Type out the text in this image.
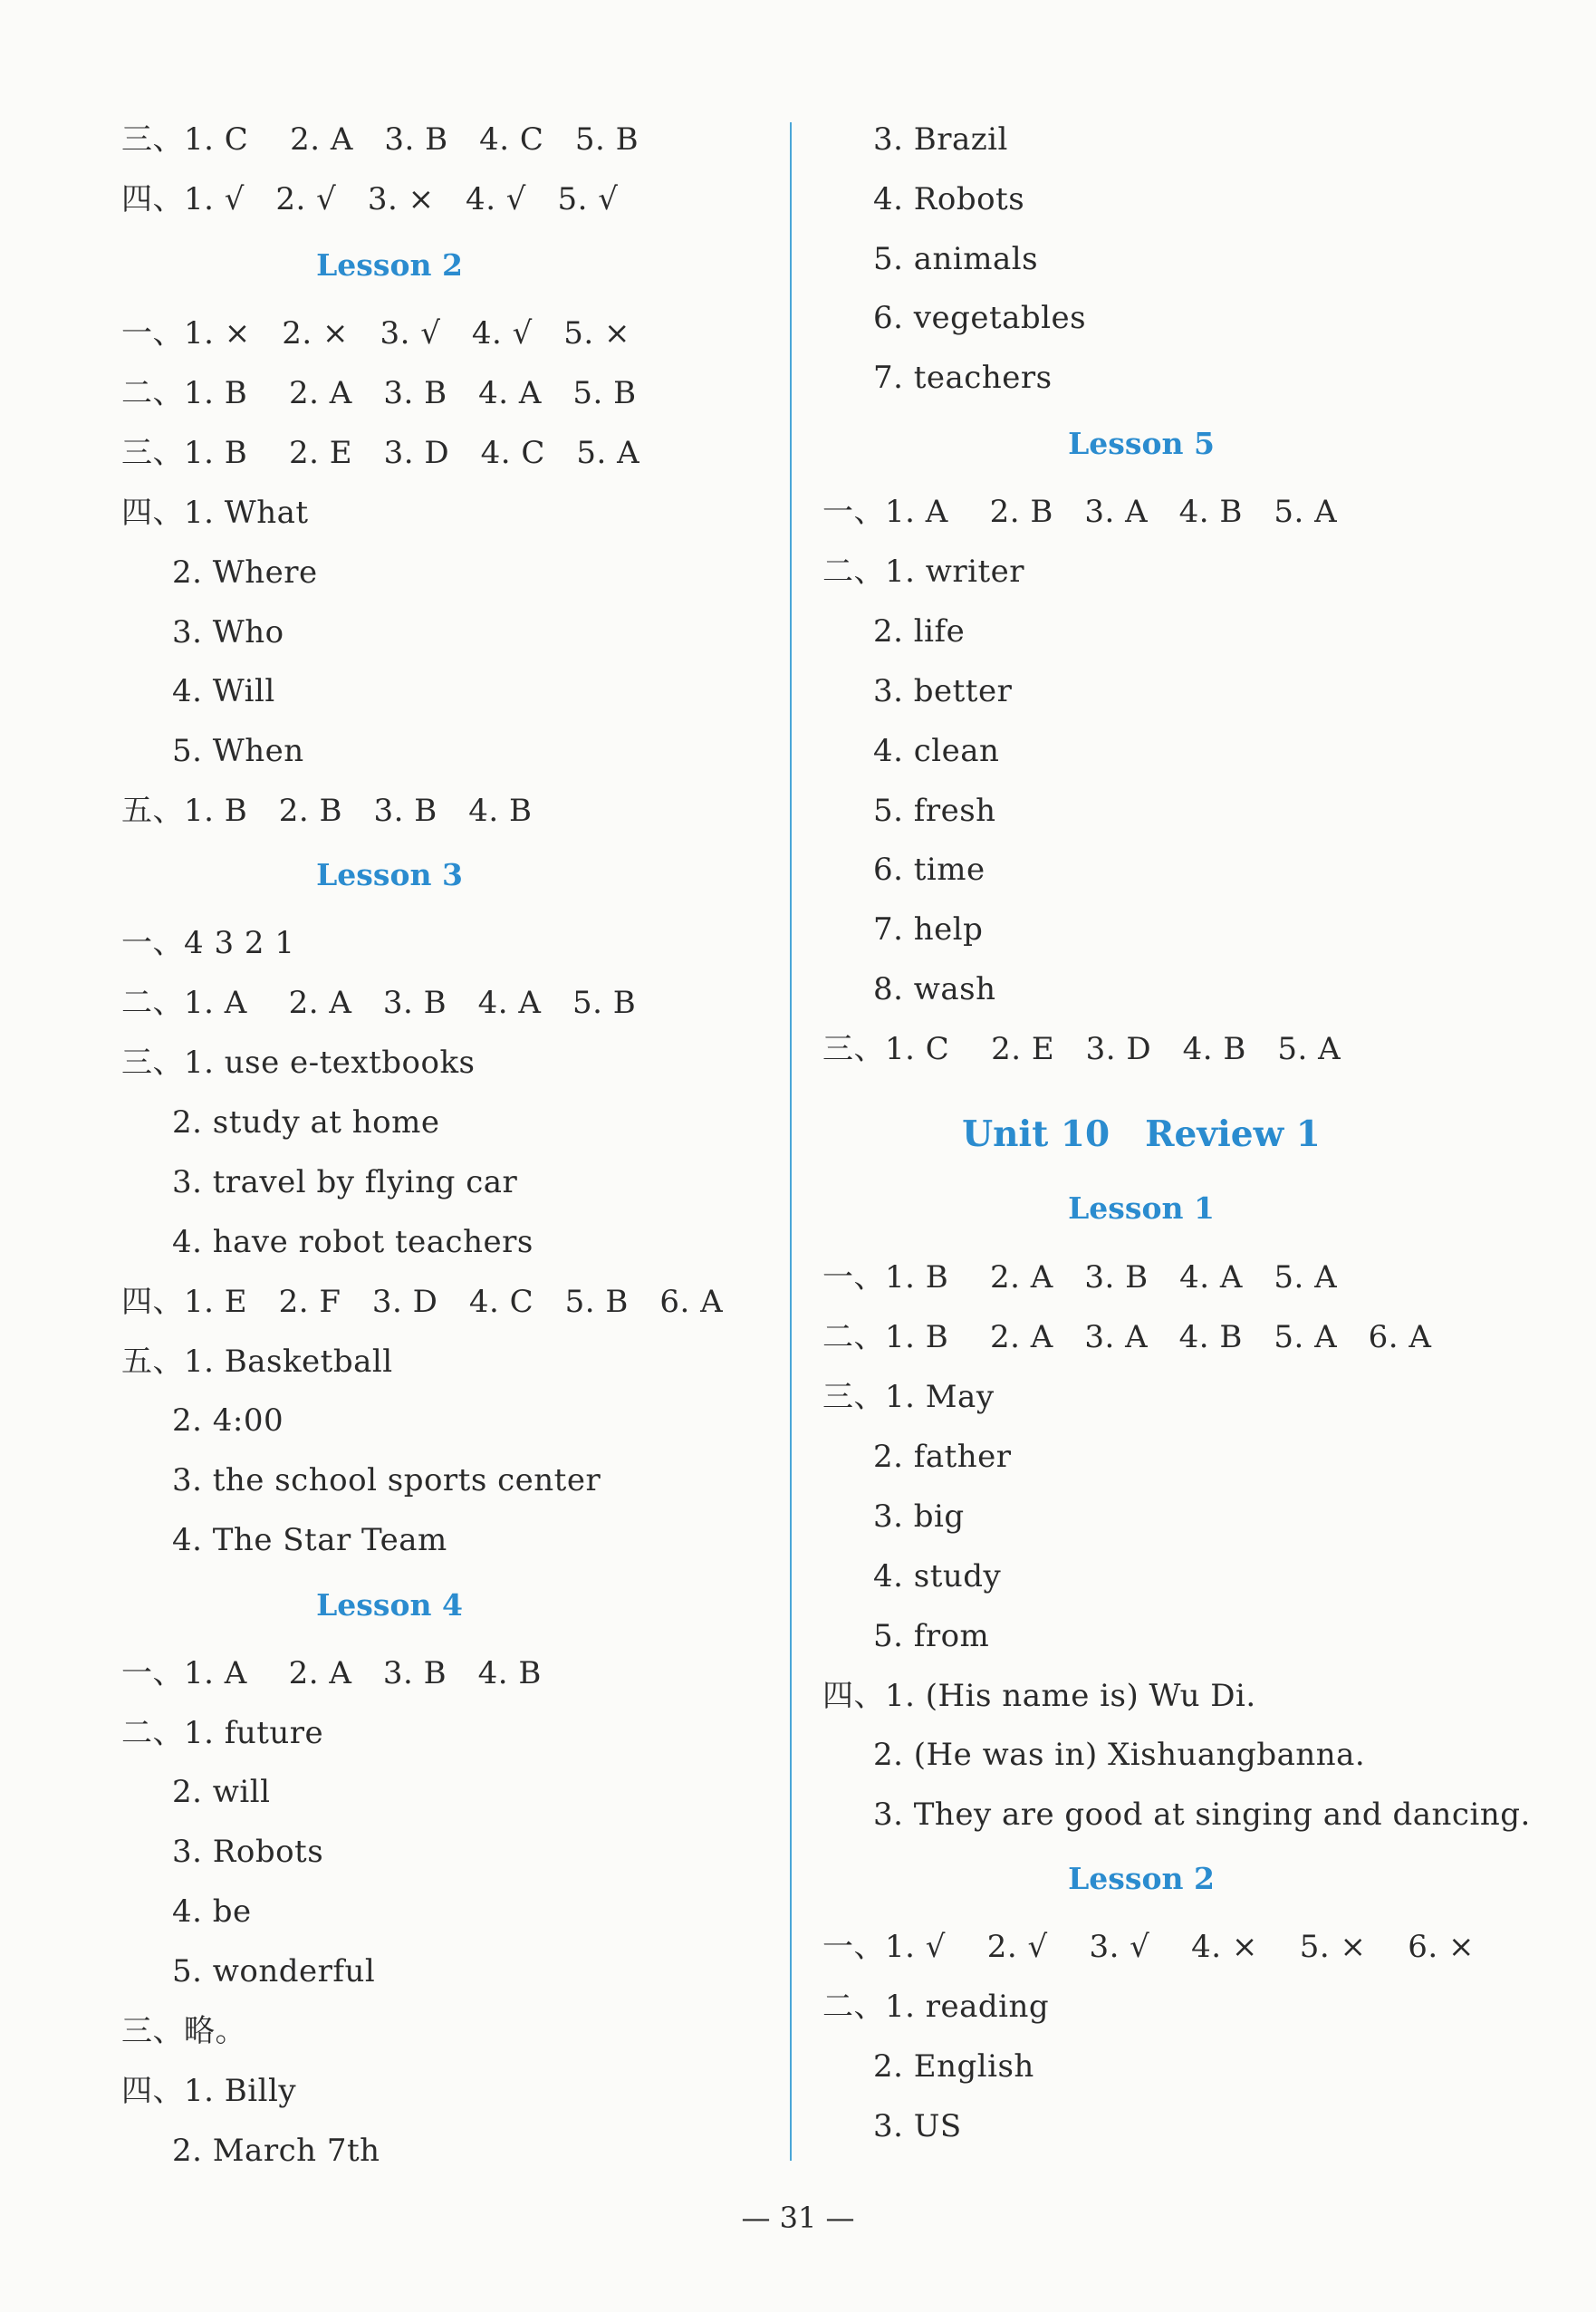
三、1. C　 2. A　3. B　4. C　5. B
四、1. √　2. √　3. ×　4. √　5. √
Lesson 2
一、1. ×　2. ×　3. √　4. √　5. ×
二、1. B　 2. A　3. B　4. A　5. B
三、1. B　 2. E　3. D　4. C　5. A
四、1. What
2. Where
3. Who
4. Will
5. When
五、1. B　2. B　3. B　4. B
Lesson 3
一、4 3 2 1
二、1. A　 2. A　3. B　4. A　5. B
三、1. use e-textbooks
2. study at home
3. travel by flying car
4. have robot teachers
四、1. E　2. F　3. D　4. C　5. B　6. A
五、1. Basketball
2. 4:00
3. the school sports center
4. The Star Team
Lesson 4
一、1. A　 2. A　3. B　4. B
二、1. future
2. will
3. Robots
4. be
5. wonderful
三、略。
四、1. Billy
2. March 7th
3. Brazil
4. Robots
5. animals
6. vegetables
7. teachers
Lesson 5
一、1. A　 2. B　3. A　4. B　5. A
二、1. writer
2. life
3. better
4. clean
5. fresh
6. time
7. help
8. wash
三、1. C　 2. E　3. D　4. B　5. A
Unit 10　Review 1
Lesson 1
一、1. B　 2. A　3. B　4. A　5. A
二、1. B　 2. A　3. A　4. B　5. A　6. A
三、1. May
2. father
3. big
4. study
5. from
四、1. (His name is) Wu Di.
2. (He was in) Xishuangbanna.
3. They are good at singing and dancing.
Lesson 2
一、1. √　 2. √　 3. √　 4. ×　 5. ×　 6. ×
二、1. reading
2. English
3. US
— 31 —
